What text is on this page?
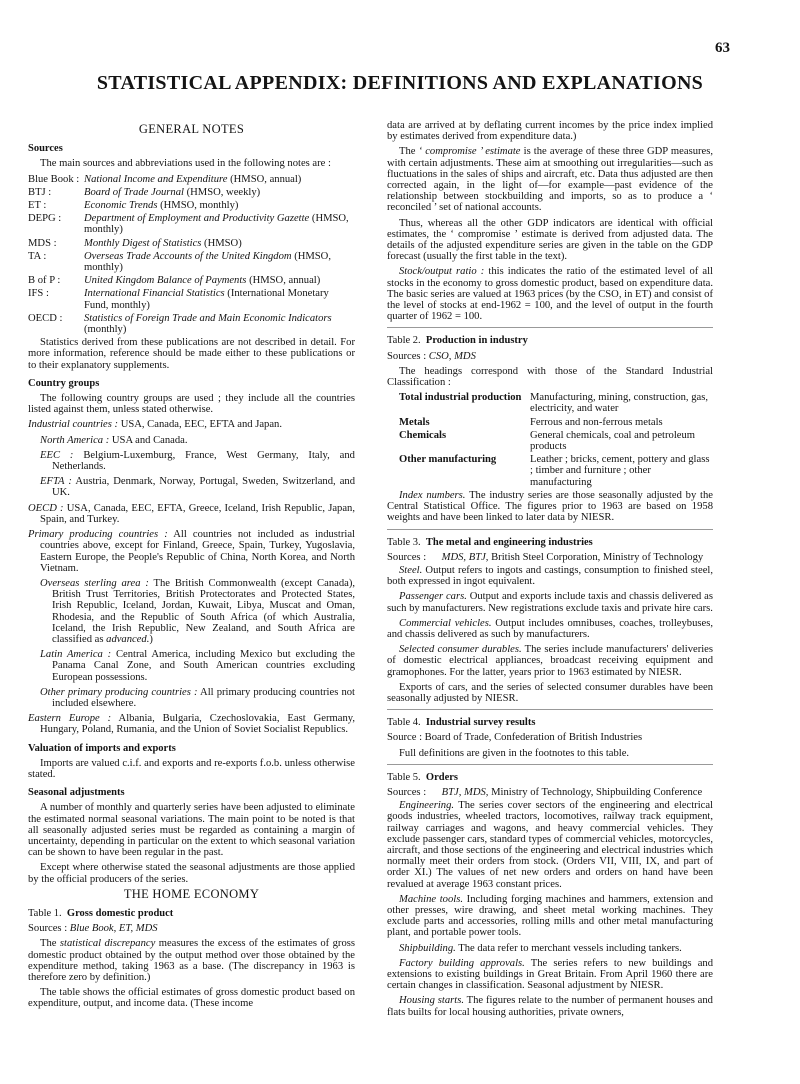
63
STATISTICAL APPENDIX: DEFINITIONS AND EXPLANATIONS
GENERAL NOTES
Sources

The main sources and abbreviations used in the following notes are :

Blue Book :	National Income and Expenditure (HMSO, annual)
BTJ :	Board of Trade Journal (HMSO, weekly)
ET :	Economic Trends (HMSO, monthly)
DEPG :	Department of Employment and Productivity Gazette (HMSO, monthly)
MDS :	Monthly Digest of Statistics (HMSO)
TA :	Overseas Trade Accounts of the United Kingdom (HMSO, monthly)
B of P :	United Kingdom Balance of Payments (HMSO, annual)
IFS :	International Financial Statistics (International Monetary Fund, monthly)
OECD :	Statistics of Foreign Trade and Main Economic Indicators (monthly)

Statistics derived from these publications are not described in detail. For more information, reference should be made either to these publications or to their explanatory supplements.

Country groups

The following country groups are used ; they include all the countries listed against them, unless stated otherwise.

Industrial countries : USA, Canada, EEC, EFTA and Japan.

North America : USA and Canada.

EEC : Belgium-Luxemburg, France, West Germany, Italy, and Netherlands.

EFTA : Austria, Denmark, Norway, Portugal, Sweden, Switzerland, and UK.

OECD : USA, Canada, EEC, EFTA, Greece, Iceland, Irish Republic, Japan, Spain, and Turkey.

Primary producing countries : All countries not included as industrial countries above, except for Finland, Greece, Spain, Turkey, Yugoslavia, Eastern Europe, the People's Republic of China, North Korea, and North Vietnam.

Overseas sterling area : The British Commonwealth (except Canada), British Trust Territories, British Protectorates and Protected States, Irish Republic, Iceland, Jordan, Kuwait, Libya, Muscat and Oman, Rhodesia, and the Republic of South Africa (of which Australia, Iceland, the Irish Republic, New Zealand, and South Africa are classified as advanced.)

Latin America : Central America, including Mexico but excluding the Panama Canal Zone, and South American countries excluding European possessions.

Other primary producing countries : All primary producing countries not included elsewhere.

Eastern Europe : Albania, Bulgaria, Czechoslovakia, East Germany, Hungary, Poland, Rumania, and the Union of Soviet Socialist Republics.

Valuation of imports and exports

Imports are valued c.i.f. and exports and re-exports f.o.b. unless otherwise stated.

Seasonal adjustments

A number of monthly and quarterly series have been adjusted to eliminate the estimated normal seasonal variations. The main point to be noted is that all seasonally adjusted series must be regarded as containing a margin of uncertainty, depending in particular on the extent to which seasonal variation can be shown to have been regular in the past.

Except where otherwise stated the seasonal adjustments are those applied by the official producers of the series.

THE HOME ECONOMY
Table 1. Gross domestic product

Sources : Blue Book, ET, MDS

The statistical discrepancy measures the excess of the estimates of gross domestic product obtained by the output method over those obtained by the expenditure method, taking 1963 as a base. (The discrepancy in 1963 is therefore zero by definition.)

The table shows the official estimates of gross domestic product based on expenditure, output, and income data. (These income

data are arrived at by deflating current incomes by the price index implied by estimates derived from expenditure data.)

The ‘ compromise ’ estimate is the average of these three GDP measures, with certain adjustments. These aim at smoothing out irregularities—such as fluctuations in the sales of ships and aircraft, etc. Data thus adjusted are then corrected again, in the light of—for example—past evidence of the relationship between stockbuilding and imports, so as to produce a ‘ reconciled ’ set of national accounts.

Thus, whereas all the other GDP indicators are identical with official estimates, the ‘ compromise ’ estimate is derived from adjusted data. The details of the adjusted expenditure series are given in the table on the GDP forecast (usually the first table in the text).

Stock/output ratio : this indicates the ratio of the estimated level of all stocks in the economy to gross domestic product, based on expenditure data. The basic series are valued at 1963 prices (by the CSO, in ET) and consist of the level of stocks at end-1962 = 100, and the level of output in the fourth quarter of 1962 = 100.

Table 2. Production in industry

Sources : CSO, MDS

The headings correspond with those of the Standard Industrial Classification :

Total industrial production	Manufacturing, mining, construction, gas, electricity, and water
Metals	Ferrous and non-ferrous metals
Chemicals	General chemicals, coal and petroleum products
Other manufacturing	Leather ; bricks, cement, pottery and glass ; timber and furniture ; other manufacturing

Index numbers. The industry series are those seasonally adjusted by the Central Statistical Office. The figures prior to 1963 are based on 1958 weights and have been linked to later data by NIESR.

Table 3. The metal and engineering industries
Sources :	MDS, BTJ, British Steel Corporation, Ministry of Technology

Steel. Output refers to ingots and castings, consumption to finished steel, both expressed in ingot equivalent.

Passenger cars. Output and exports include taxis and chassis delivered as such by manufacturers. New registrations exclude taxis and private hire cars.

Commercial vehicles. Output includes omnibuses, coaches, trolleybuses, and chassis delivered as such by manufacturers.

Selected consumer durables. The series include manufacturers' deliveries of domestic electrical appliances, broadcast receiving equipment and gramophones. For the latter, years prior to 1963 estimated by NIESR.

Exports of cars, and the series of selected consumer durables have been seasonally adjusted by NIESR.

Table 4. Industrial survey results

Source : Board of Trade, Confederation of British Industries

Full definitions are given in the footnotes to this table.

Table 5. Orders
Sources :	BTJ, MDS, Ministry of Technology, Shipbuilding Conference

Engineering. The series cover sectors of the engineering and electrical goods industries, wheeled tractors, locomotives, railway track equipment, railway carriages and wagons, and heavy commercial vehicles. They exclude passenger cars, standard types of commercial vehicles, motorcycles, aircraft, and those sections of the engineering and electrical industries which normally meet their orders from stock. (Orders VII, VIII, IX, and part of order XI.) The values of net new orders and orders on hand have been revalued at average 1963 constant prices.

Machine tools. Including forging machines and hammers, extension and other presses, wire drawing, and sheet metal working machines. They exclude parts and accessories, rolling mills and other metal manufacturing plant, and portable power tools.

Shipbuilding. The data refer to merchant vessels including tankers.

Factory building approvals. The series refers to new buildings and extensions to existing buildings in Great Britain. From April 1960 there are certain changes in classification. Seasonal adjustment by NIESR.

Housing starts. The figures relate to the number of permanent houses and flats builts for local housing authorities, private owners,
